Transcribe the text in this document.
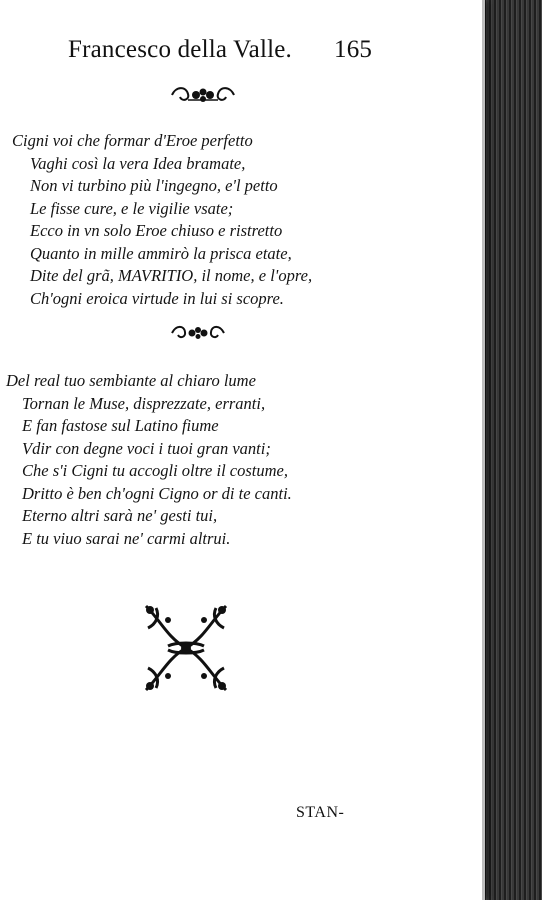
Francesco della Valle. 165
Cigni voi che formar d'Eroe perfetto
Vaghi così la vera Idea bramate,
Non vi turbino più l'ingegno, e'l petto
Le fisse cure, e le vigilie vsate;
Ecco in vn solo Eroe chiuso e ristretto
Quanto in mille ammirò la prisca etate,
Dite del grã, MAVRITIO, il nome, e l'opre,
Ch'ogni eroica virtude in lui si scopre.
Del real tuo sembiante al chiaro lume
Tornan le Muse, disprezzate, erranti,
E fan fastose sul Latino fiume
Vdir con degne voci i tuoi gran vanti;
Che s'i Cigni tu accogli oltre il costume,
Dritto è ben ch'ogni Cigno or di te canti.
Eterno altri sarà ne' gesti tui,
E tu viuo sarai ne' carmi altrui.
STAN-
